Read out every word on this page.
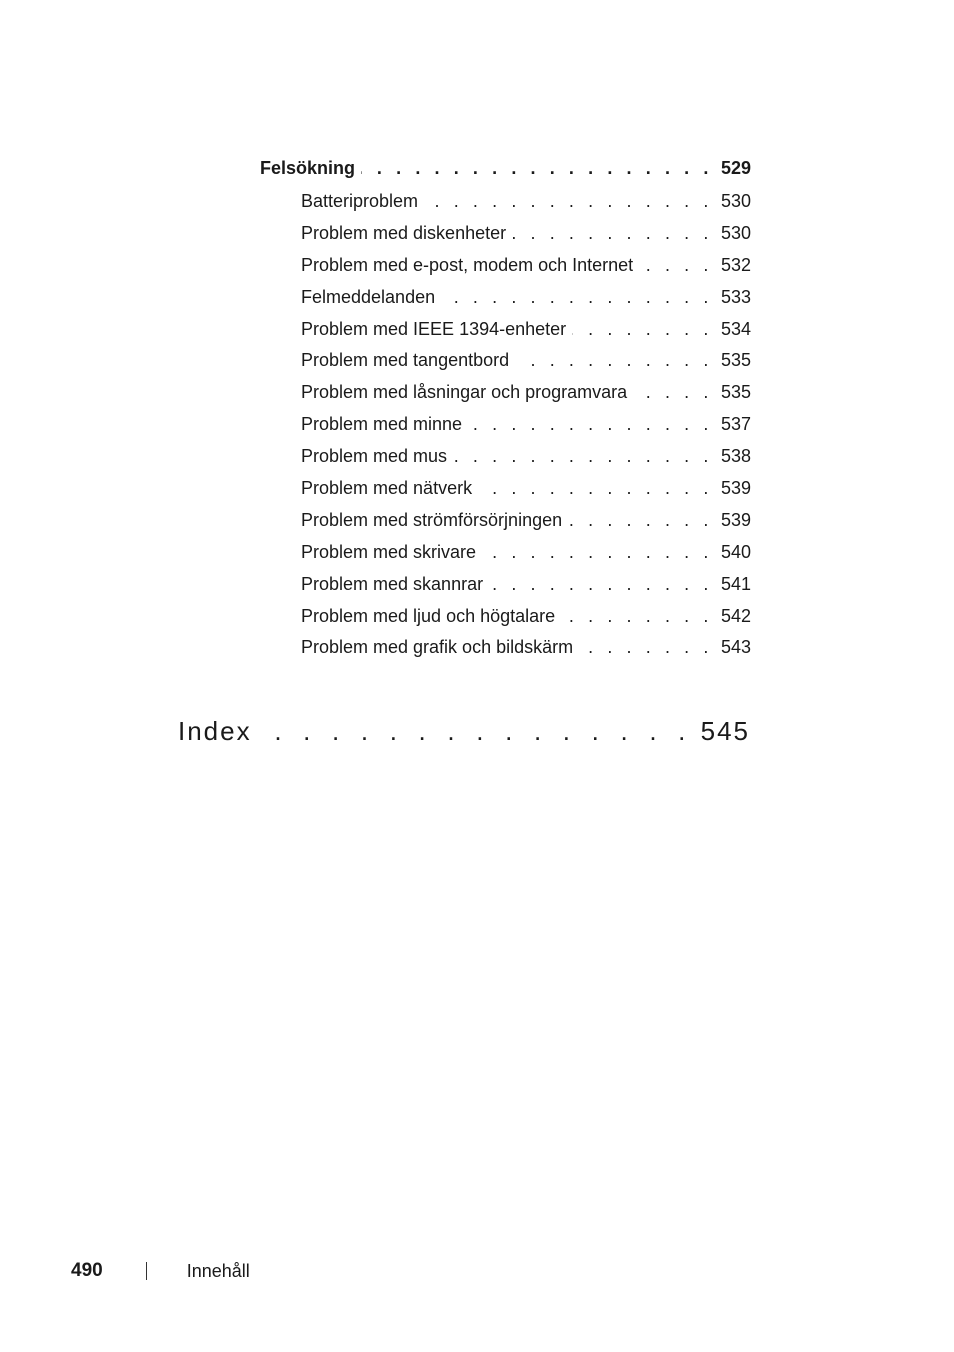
Felsökning . . .	529
Batteriproblem . . .	530
Problem med diskenheter . . .	530
Problem med e-post, modem och Internet . . .	532
Felmeddelanden . . .	533
Problem med IEEE 1394-enheter . . .	534
Problem med tangentbord . . .	535
Problem med låsningar och programvara . . .	535
Problem med minne . . .	537
Problem med mus . . .	538
Problem med nätverk . . .	539
Problem med strömförsörjningen . . .	539
Problem med skrivare . . .	540
Problem med skannrar . . .	541
Problem med ljud och högtalare . . .	542
Problem med grafik och bildskärm . . .	543
Index . . .	545
490	Innehåll
